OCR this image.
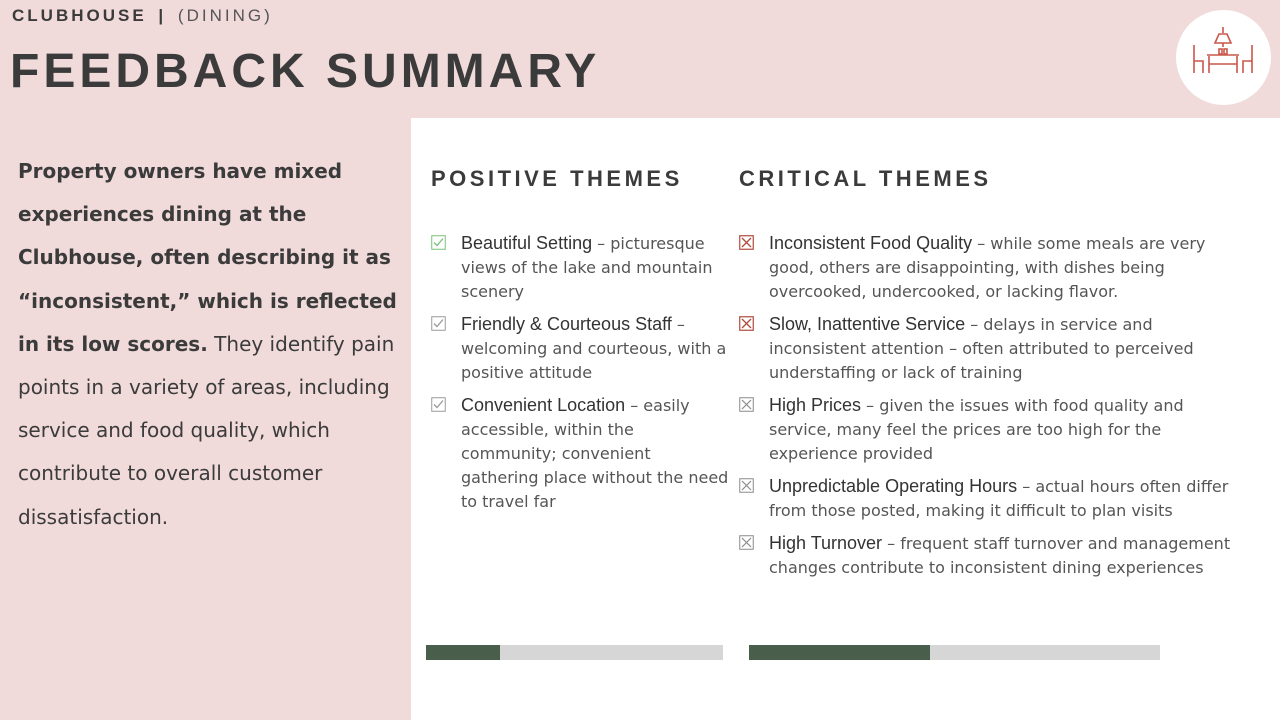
CLUBHOUSE | (DINING)
FEEDBACK SUMMARY
Property owners have mixed experiences dining at the Clubhouse, often describing it as “inconsistent,” which is reflected in its low scores. They identify pain points in a variety of areas, including service and food quality, which contribute to overall customer dissatisfaction.
POSITIVE THEMES	CRITICAL THEMES
Beautiful Setting – picturesque views of the lake and mountain scenery
Friendly & Courteous Staff – welcoming and courteous, with a positive attitude
Convenient Location – easily accessible, within the community; convenient gathering place without the need to travel far
Inconsistent Food Quality – while some meals are very good, others are disappointing, with dishes being overcooked, undercooked, or lacking flavor.
Slow, Inattentive Service – delays in service and inconsistent attention – often attributed to perceived understaffing or lack of training
High Prices – given the issues with food quality and service, many feel the prices are too high for the experience provided
Unpredictable Operating Hours – actual hours often differ from those posted, making it difficult to plan visits
High Turnover – frequent staff turnover and management changes contribute to inconsistent dining experiences
